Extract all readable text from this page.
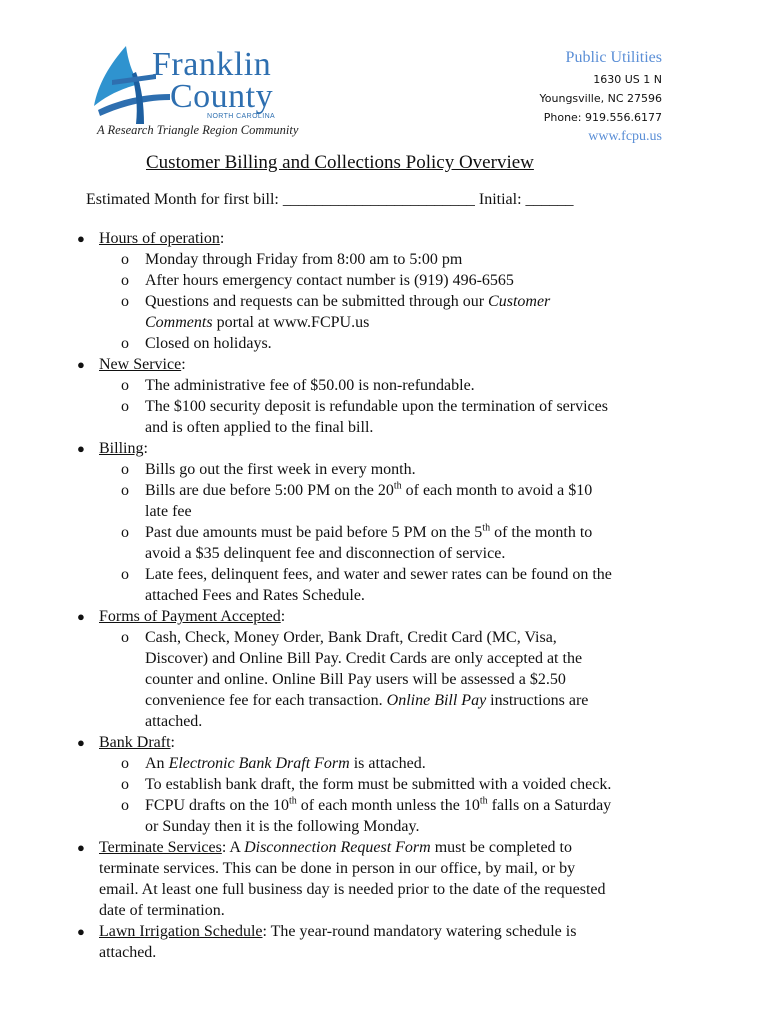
Franklin
County
NORTH CAROLINA
A Research Triangle Region Community
Public Utilities
1630 US 1 N
Youngsville, NC 27596
Phone: 919.556.6177
www.fcpu.us
Customer Billing and Collections Policy Overview
Estimated Month for first bill: ________________________ Initial: ______
● Hours of operation:
o Monday through Friday from 8:00 am to 5:00 pm
o After hours emergency contact number is (919) 496-6565
o Questions and requests can be submitted through our Customer
Comments portal at www.FCPU.us
o Closed on holidays.
● New Service:
o The administrative fee of $50.00 is non-refundable.
o The $100 security deposit is refundable upon the termination of services
and is often applied to the final bill.
● Billing:
o Bills go out the first week in every month.
o Bills are due before 5:00 PM on the 20th of each month to avoid a $10
late fee
o Past due amounts must be paid before 5 PM on the 5th of the month to
avoid a $35 delinquent fee and disconnection of service.
o Late fees, delinquent fees, and water and sewer rates can be found on the
attached Fees and Rates Schedule.
● Forms of Payment Accepted:
o Cash, Check, Money Order, Bank Draft, Credit Card (MC, Visa,
Discover) and Online Bill Pay. Credit Cards are only accepted at the
counter and online. Online Bill Pay users will be assessed a $2.50
convenience fee for each transaction. Online Bill Pay instructions are
attached.
● Bank Draft:
o An Electronic Bank Draft Form is attached.
o To establish bank draft, the form must be submitted with a voided check.
o FCPU drafts on the 10th of each month unless the 10th falls on a Saturday
or Sunday then it is the following Monday.
● Terminate Services: A Disconnection Request Form must be completed to
terminate services. This can be done in person in our office, by mail, or by
email. At least one full business day is needed prior to the date of the requested
date of termination.
● Lawn Irrigation Schedule: The year-round mandatory watering schedule is
attached.
